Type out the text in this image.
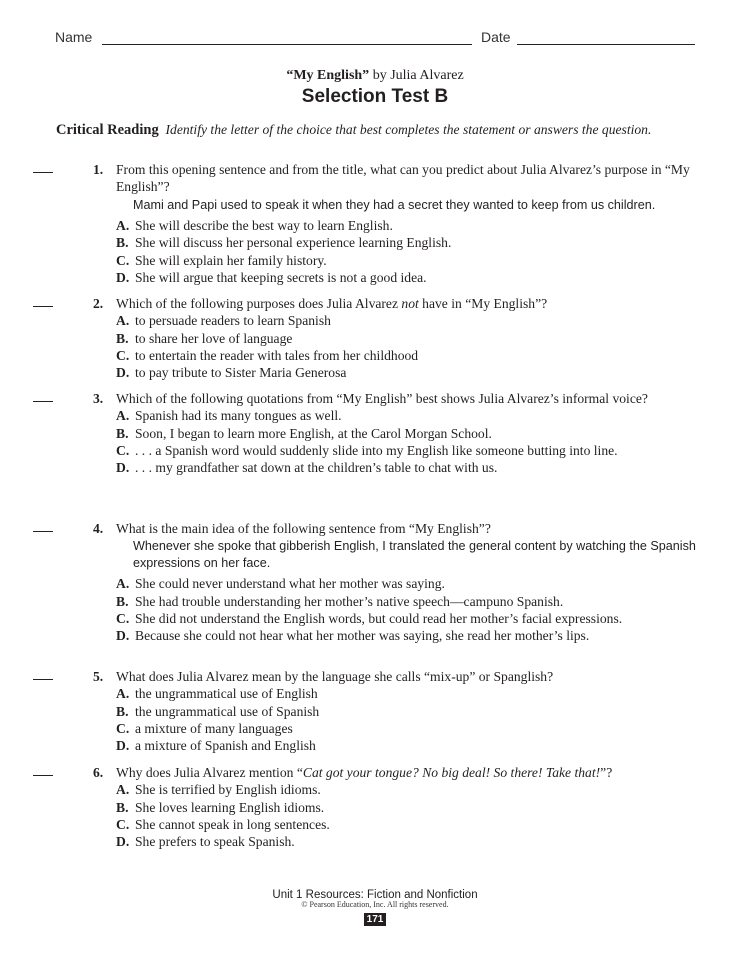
Name	Date
“My English” by Julia Alvarez
Selection Test B
Critical Reading Identify the letter of the choice that best completes the statement or answers the question.
1. From this opening sentence and from the title, what can you predict about Julia Alvarez’s purpose in “My English”?
Mami and Papi used to speak it when they had a secret they wanted to keep from us children.
A. She will describe the best way to learn English.
B. She will discuss her personal experience learning English.
C. She will explain her family history.
D. She will argue that keeping secrets is not a good idea.
2. Which of the following purposes does Julia Alvarez not have in “My English”?
A. to persuade readers to learn Spanish
B. to share her love of language
C. to entertain the reader with tales from her childhood
D. to pay tribute to Sister Maria Generosa
3. Which of the following quotations from “My English” best shows Julia Alvarez’s informal voice?
A. Spanish had its many tongues as well.
B. Soon, I began to learn more English, at the Carol Morgan School.
C. . . . a Spanish word would suddenly slide into my English like someone butting into line.
D. . . . my grandfather sat down at the children’s table to chat with us.
4. What is the main idea of the following sentence from “My English”?
Whenever she spoke that gibberish English, I translated the general content by watching the Spanish expressions on her face.
A. She could never understand what her mother was saying.
B. She had trouble understanding her mother’s native speech—campuno Spanish.
C. She did not understand the English words, but could read her mother’s facial expressions.
D. Because she could not hear what her mother was saying, she read her mother’s lips.
5. What does Julia Alvarez mean by the language she calls “mix-up” or Spanglish?
A. the ungrammatical use of English
B. the ungrammatical use of Spanish
C. a mixture of many languages
D. a mixture of Spanish and English
6. Why does Julia Alvarez mention “Cat got your tongue? No big deal! So there! Take that!”?
A. She is terrified by English idioms.
B. She loves learning English idioms.
C. She cannot speak in long sentences.
D. She prefers to speak Spanish.
Unit 1 Resources: Fiction and Nonfiction
© Pearson Education, Inc. All rights reserved.
171
